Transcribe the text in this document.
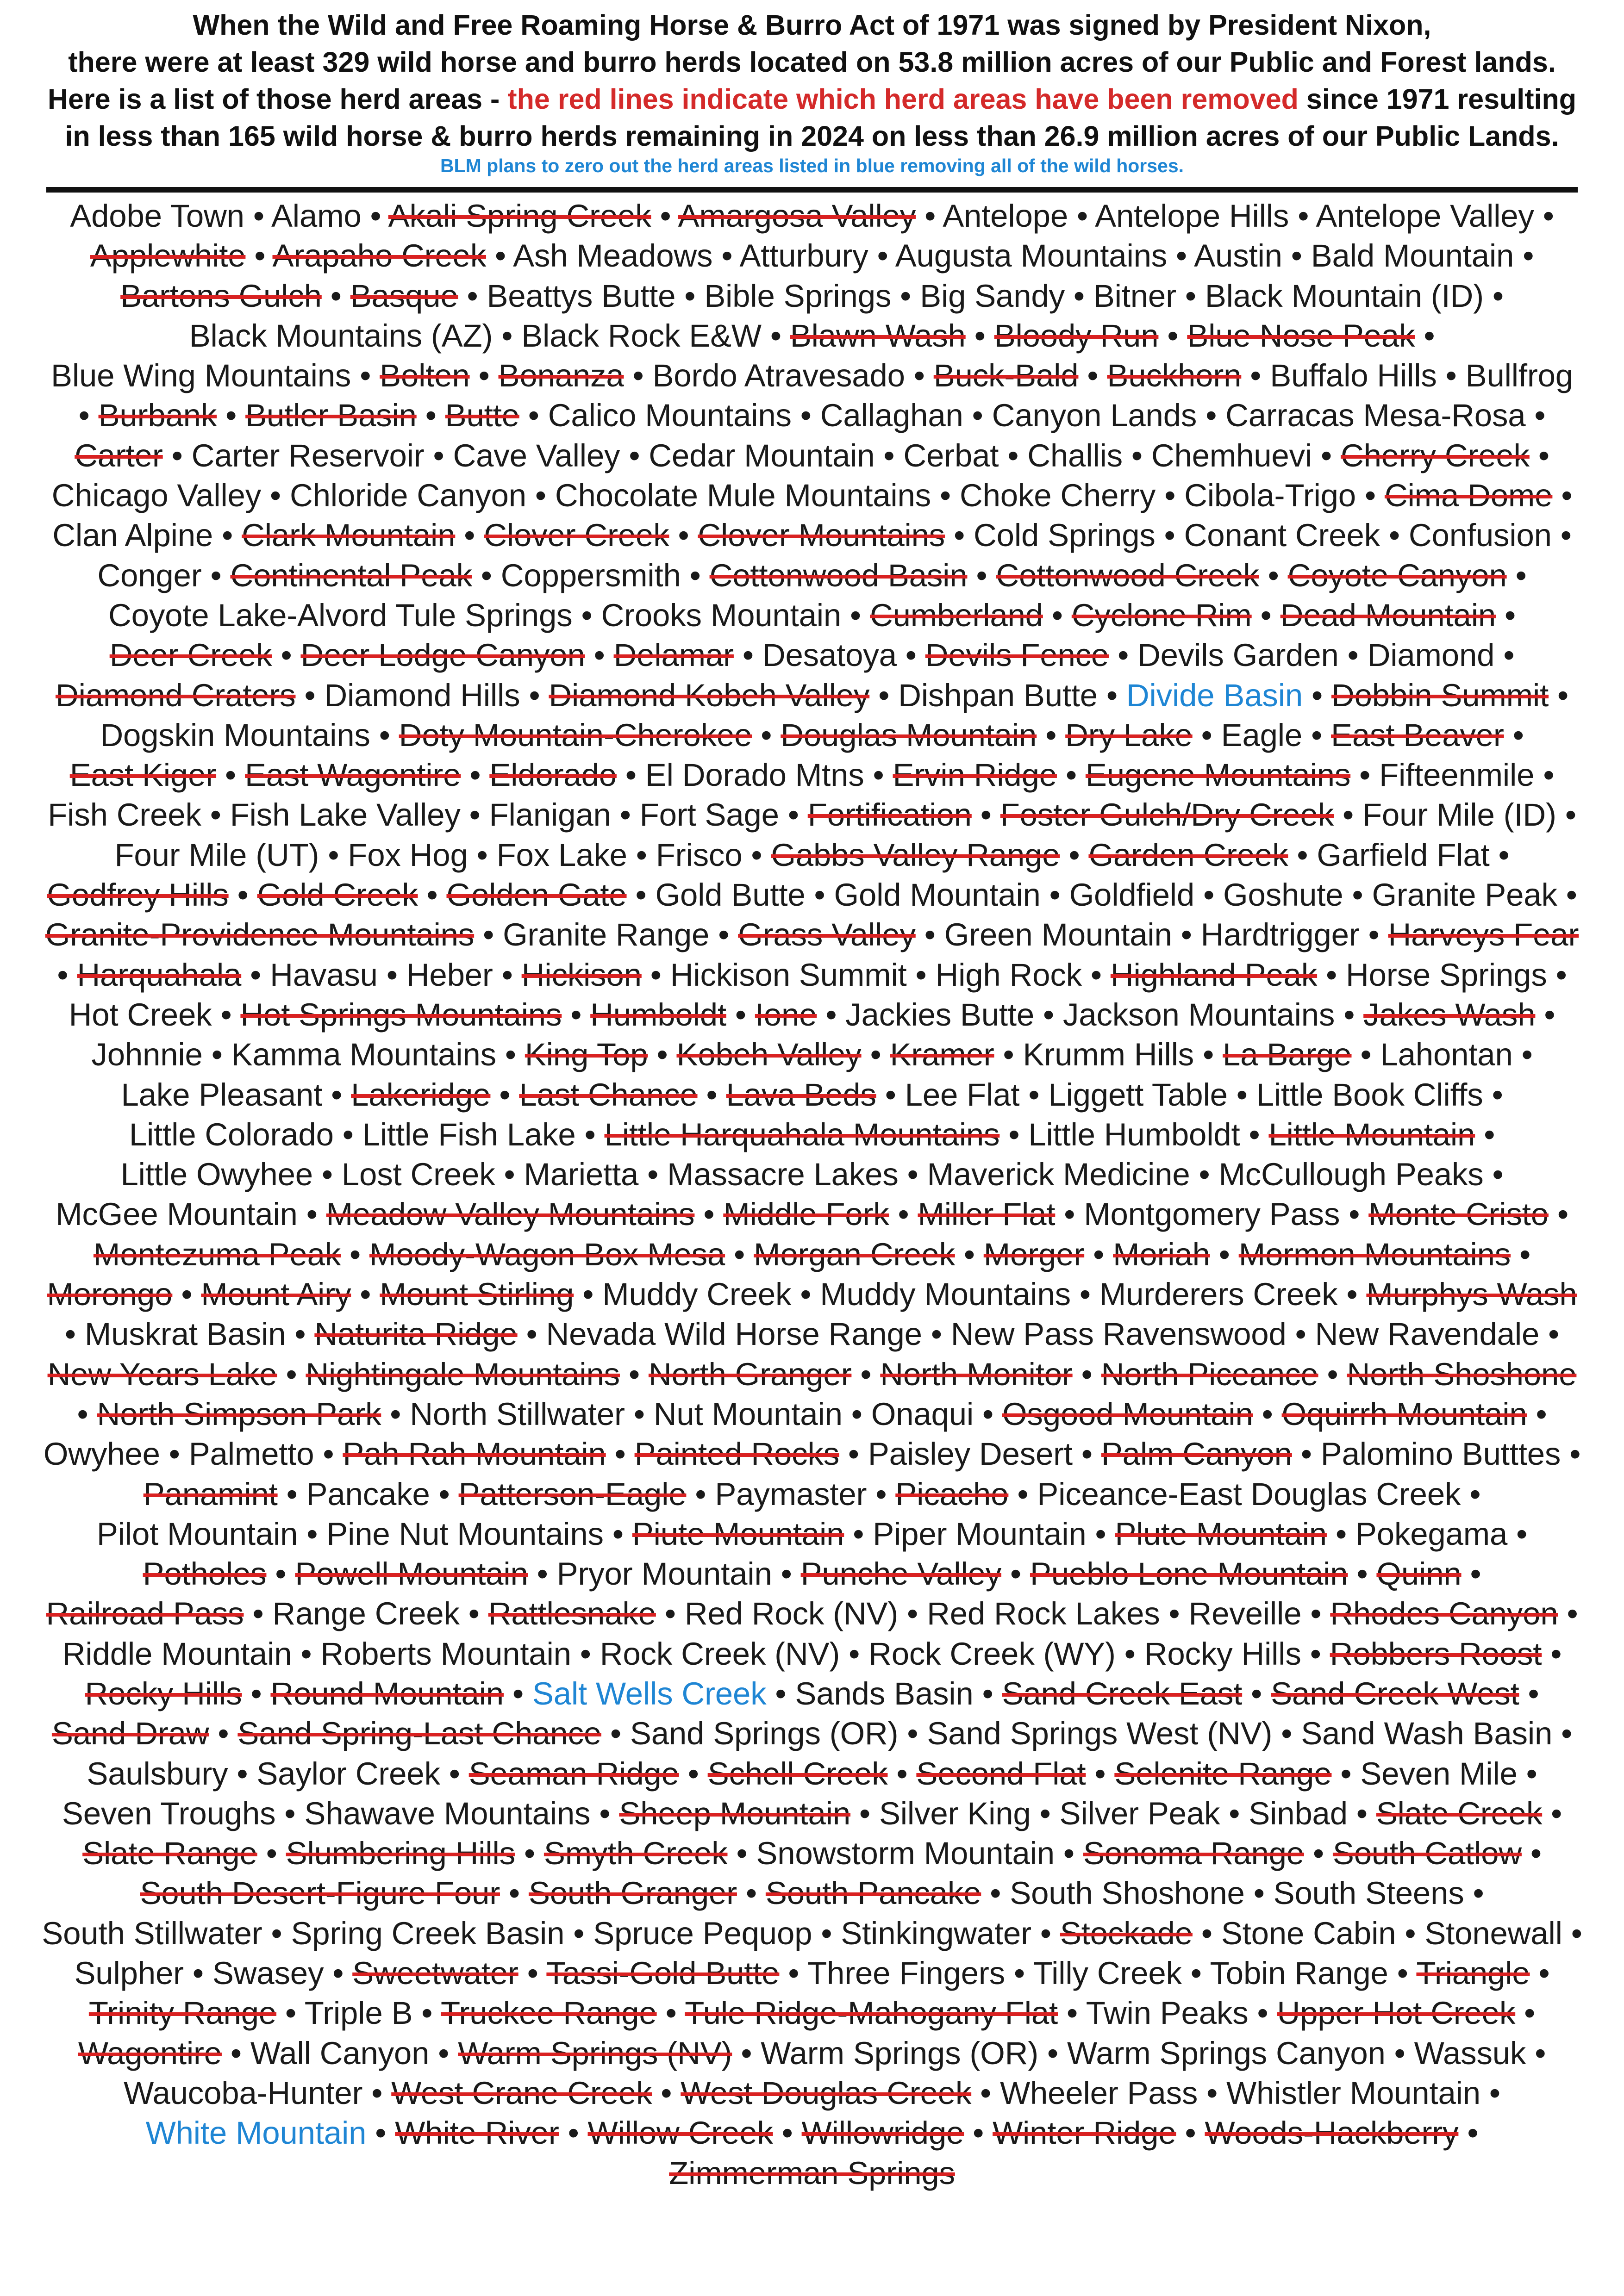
When the Wild and Free Roaming Horse & Burro Act of 1971 was signed by President Nixon,
there were at least 329 wild horse and burro herds located on 53.8 million acres of our Public and Forest lands.
Here is a list of those herd areas - the red lines indicate which herd areas have been removed since 1971 resulting
in less than 165 wild horse & burro herds remaining in 2024 on less than 26.9 million acres of our Public Lands.
BLM plans to zero out the herd areas listed in blue removing all of the wild horses.
Adobe Town • Alamo • Akali Spring Creek • Amargosa Valley • Antelope • Antelope Hills • Antelope Valley • Applewhite • Arapaho Creek • Ash Meadows • Atturbury • Augusta Mountains • Austin • Bald Mountain • Bartons Gulch • Basque • Beattys Butte • Bible Springs • Big Sandy • Bitner • Black Mountain (ID) • Black Mountains (AZ) • Black Rock E&W • Blawn Wash • Bloody Run • Blue Nose Peak • Blue Wing Mountains • Bolten • Bonanza • Bordo Atravesado • Buck-Bald • Buckhorn • Buffalo Hills • Bullfrog • Burbank • Butler Basin • Butte • Calico Mountains • Callaghan • Canyon Lands • Carracas Mesa-Rosa • Carter • Carter Reservoir • Cave Valley • Cedar Mountain • Cerbat • Challis • Chemhuevi • Cherry Creek • Chicago Valley • Chloride Canyon • Chocolate Mule Mountains • Choke Cherry • Cibola-Trigo • Cima Dome • Clan Alpine • Clark Mountain • Clover Creek • Clover Mountains • Cold Springs • Conant Creek • Confusion • Conger • Continental Peak • Coppersmith • Cottonwood Basin • Cottonwood Creek • Coyote Canyon • Coyote Lake-Alvord Tule Springs • Crooks Mountain • Cumberland • Cyclone Rim • Dead Mountain • Deer Creek • Deer Lodge Canyon • Delamar • Desatoya • Devils Fence • Devils Garden • Diamond • Diamond Craters • Diamond Hills • Diamond Kobeh Valley • Dishpan Butte • Divide Basin • Dobbin Summit • Dogskin Mountains • Doty Mountain-Cherokee • Douglas Mountain • Dry Lake • Eagle • East Beaver • East Kiger • East Wagontire • Eldorado • El Dorado Mtns • Ervin Ridge • Eugene Mountains • Fifteenmile • Fish Creek • Fish Lake Valley • Flanigan • Fort Sage • Fortification • Foster Gulch/Dry Creek • Four Mile (ID) • Four Mile (UT) • Fox Hog • Fox Lake • Frisco • Gabbs Valley Range • Garden Creek • Garfield Flat • Godfrey Hills • Gold Creek • Golden Gate • Gold Butte • Gold Mountain • Goldfield • Goshute • Granite Peak • Granite-Providence Mountains • Granite Range • Grass Valley • Green Mountain • Hardtrigger • Harveys Fear • Harquahala • Havasu • Heber • Hickison • Hickison Summit • High Rock • Highland Peak • Horse Springs • Hot Creek • Hot Springs Mountains • Humboldt • Ione • Jackies Butte • Jackson Mountains • Jakes Wash • Johnnie • Kamma Mountains • King Top • Kobeh Valley • Kramer • Krumm Hills • La Barge • Lahontan • Lake Pleasant • Lakeridge • Last Chance • Lava Beds • Lee Flat • Liggett Table • Little Book Cliffs • Little Colorado • Little Fish Lake • Little Harquahala Mountains • Little Humboldt • Little Mountain • Little Owyhee • Lost Creek • Marietta • Massacre Lakes • Maverick Medicine • McCullough Peaks • McGee Mountain • Meadow Valley Mountains • Middle Fork • Miller Flat • Montgomery Pass • Monte Cristo • Montezuma Peak • Moody-Wagon Box Mesa • Morgan Creek • Morger • Moriah • Mormon Mountains • Morongo • Mount Airy • Mount Stirling • Muddy Creek • Muddy Mountains • Murderers Creek • Murphys Wash • Muskrat Basin • Naturita Ridge • Nevada Wild Horse Range • New Pass Ravenswood • New Ravendale • New Years Lake • Nightingale Mountains • North Granger • North Monitor • North Piceance • North Shoshone • North Simpson Park • North Stillwater • Nut Mountain • Onaqui • Osgood Mountain • Oquirrh Mountain • Owyhee • Palmetto • Pah Rah Mountain • Painted Rocks • Paisley Desert • Palm Canyon • Palomino Butttes • Panamint • Pancake • Patterson-Eagle • Paymaster • Picacho • Piceance-East Douglas Creek • Pilot Mountain • Pine Nut Mountains • Piute Mountain • Piper Mountain • Plute Mountain • Pokegama • Potholes • Powell Mountain • Pryor Mountain • Punche Valley • Pueblo Lone Mountain • Quinn • Railroad Pass • Range Creek • Rattlesnake • Red Rock (NV) • Red Rock Lakes • Reveille • Rhodes Canyon • Riddle Mountain • Roberts Mountain • Rock Creek (NV) • Rock Creek (WY) • Rocky Hills • Robbers Roost • Rocky Hills • Round Mountain • Salt Wells Creek • Sands Basin • Sand Creek East • Sand Creek West • Sand Draw • Sand Spring-Last Chance • Sand Springs (OR) • Sand Springs West (NV) • Sand Wash Basin • Saulsbury • Saylor Creek • Seaman Ridge • Schell Creek • Second Flat • Selenite Range • Seven Mile • Seven Troughs • Shawave Mountains • Sheep Mountain • Silver King • Silver Peak • Sinbad • Slate Creek • Slate Range • Slumbering Hills • Smyth Creek • Snowstorm Mountain • Sonoma Range • South Catlow • South Desert-Figure Four • South Granger • South Pancake • South Shoshone • South Steens • South Stillwater • Spring Creek Basin • Spruce Pequop • Stinkingwater • Stockade • Stone Cabin • Stonewall • Sulpher • Swasey • Sweetwater • Tassi-Gold Butte • Three Fingers • Tilly Creek • Tobin Range • Triangle • Trinity Range • Triple B • Truckee Range • Tule Ridge-Mahogany Flat • Twin Peaks • Upper Hot Creek • Wagontire • Wall Canyon • Warm Springs (NV) • Warm Springs (OR) • Warm Springs Canyon • Wassuk • Waucoba-Hunter • West Crane Creek • West Douglas Creek • Wheeler Pass • Whistler Mountain • White Mountain • White River • Willow Creek • Willowridge • Winter Ridge • Woods-Hackberry • Zimmerman Springs
